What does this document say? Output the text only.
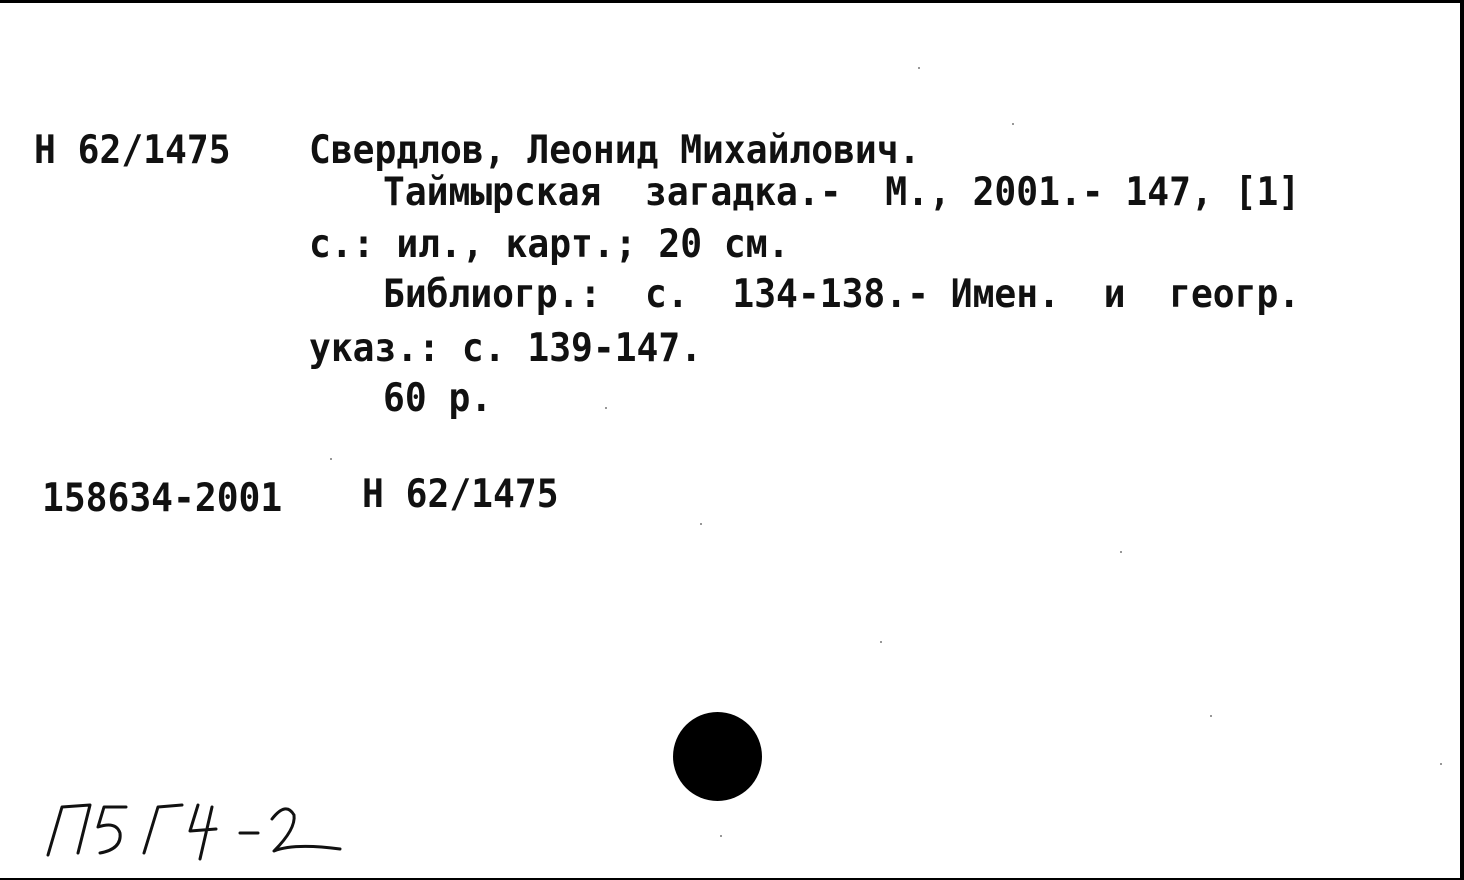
Н 62/1475 Свердлов, Леонид Михайлович.
Таймырская  загадка.-  М., 2001.- 147, [1]
с.: ил., карт.; 20 см.
Библиогр.:  с.  134-138.- Имен.  и  геогр.
указ.: с. 139-147.
60 р.
158634-2001 Н 62/1475
